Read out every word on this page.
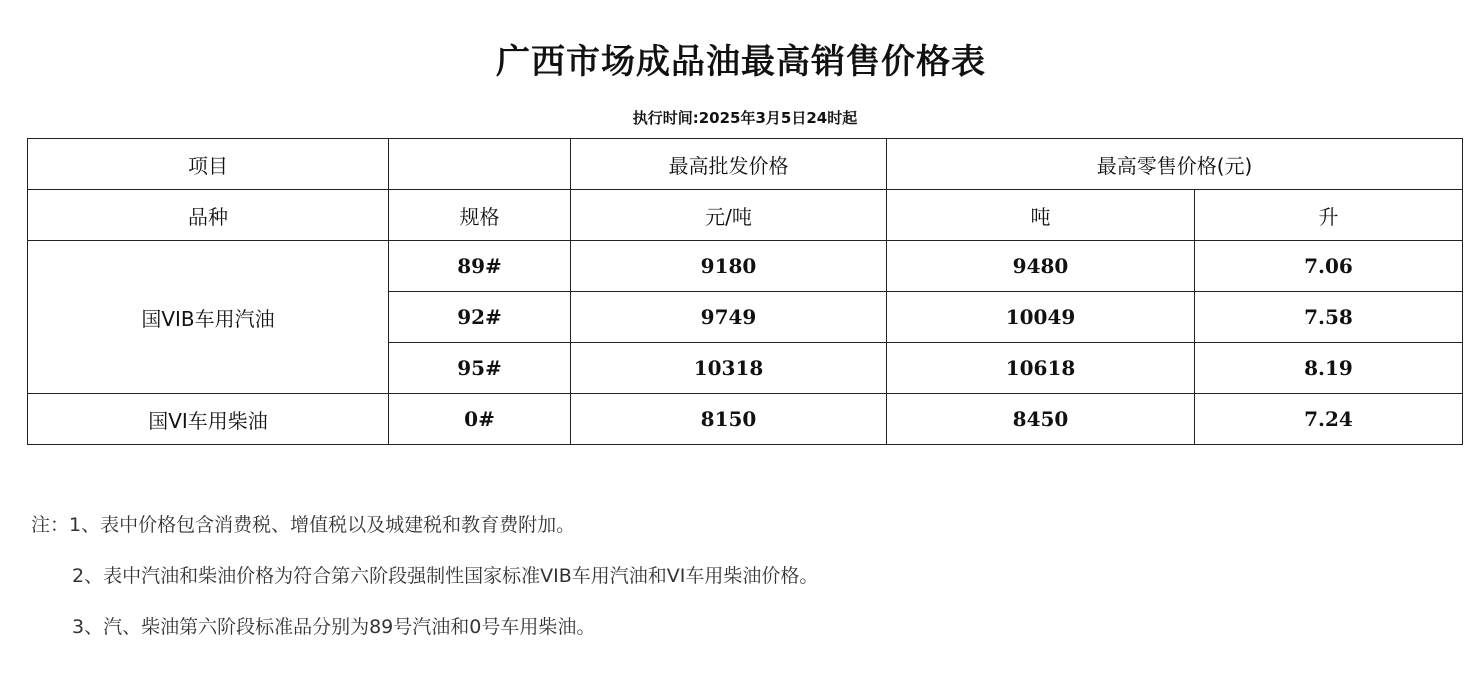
广西市场成品油最高销售价格表
执行时间:2025年3月5日24时起
项目		最高批发价格	最高零售价格(元)	
品种	规格	元/吨	吨	升
国VIB车用汽油	89#	9180	9480	7.06
	92#	9749	10049	7.58
	95#	10318	10618	8.19
国VI车用柴油	0#	8150	8450	7.24
注：1、表中价格包含消费税、增值税以及城建税和教育费附加。
2、表中汽油和柴油价格为符合第六阶段强制性国家标准VIB车用汽油和VI车用柴油价格。
3、汽、柴油第六阶段标准品分别为89号汽油和0号车用柴油。
